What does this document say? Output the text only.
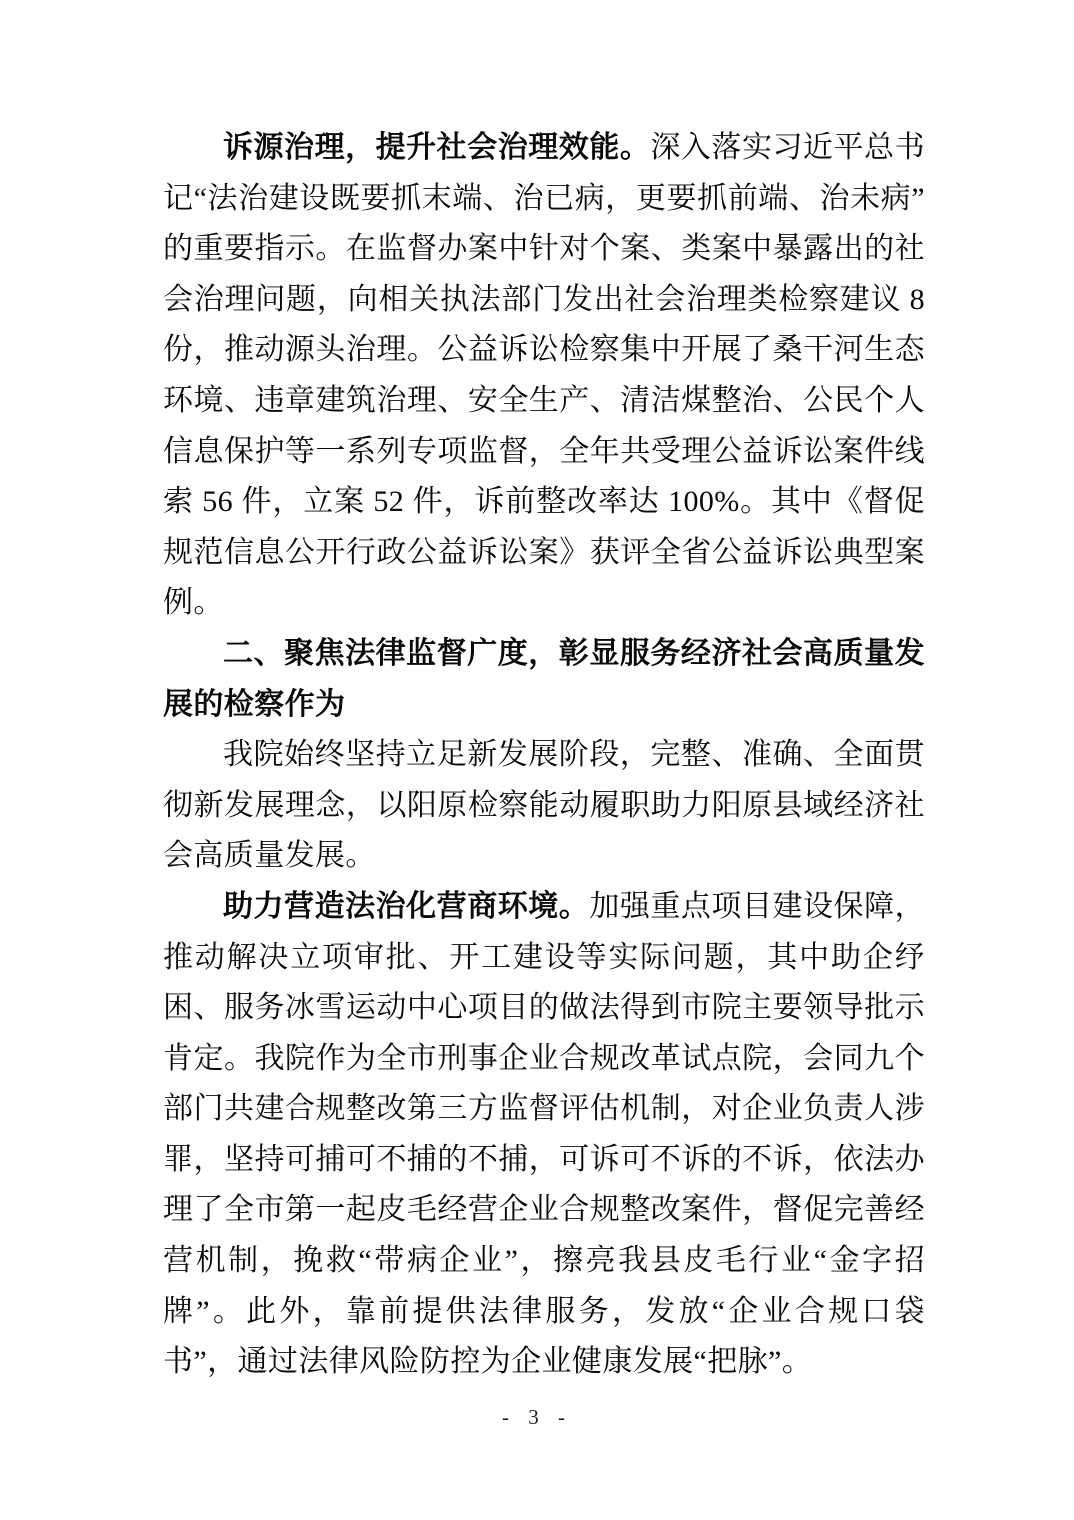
诉源治理，提升社会治理效能。深入落实习近平总书记“法治建设既要抓末端、治已病，更要抓前端、治未病”的重要指示。在监督办案中针对个案、类案中暴露出的社会治理问题，向相关执法部门发出社会治理类检察建议 8 份，推动源头治理。公益诉讼检察集中开展了桑干河生态环境、违章建筑治理、安全生产、清洁煤整治、公民个人信息保护等一系列专项监督，全年共受理公益诉讼案件线索 56 件，立案 52 件，诉前整改率达 100%。其中《督促规范信息公开行政公益诉讼案》获评全省公益诉讼典型案例。

二、聚焦法律监督广度，彰显服务经济社会高质量发展的检察作为

我院始终坚持立足新发展阶段，完整、准确、全面贯彻新发展理念，以阳原检察能动履职助力阳原县域经济社会高质量发展。

助力营造法治化营商环境。加强重点项目建设保障，推动解决立项审批、开工建设等实际问题，其中助企纾困、服务冰雪运动中心项目的做法得到市院主要领导批示肯定。我院作为全市刑事企业合规改革试点院，会同九个部门共建合规整改第三方监督评估机制，对企业负责人涉罪，坚持可捕可不捕的不捕，可诉可不诉的不诉，依法办理了全市第一起皮毛经营企业合规整改案件，督促完善经营机制，挽救“带病企业”，擦亮我县皮毛行业“金字招牌”。此外，靠前提供法律服务，发放“企业合规口袋书”，通过法律风险防控为企业健康发展“把脉”。

- 3 -
